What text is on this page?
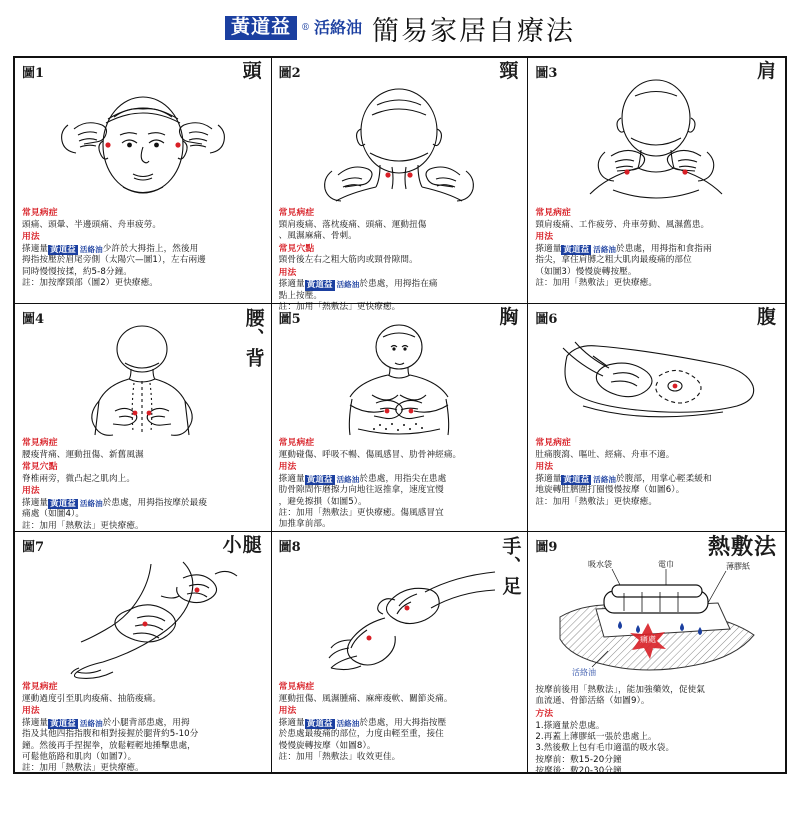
黃道益	® 活絡油 簡易家居自療法
圖1	頭
常見病症
頭痛、頭暈、半邊頭痛、舟車疲勞。
用法
搽適量 黃道益 活絡油 少許於大拇指上，然後用
拇指按壓於眉尾旁側（太陽穴—圖1），左右兩邊
同時慢慢按揉，約5-8分鐘。
註：加按摩頸部（圖2）更快療癒。
圖2	頸
常見病症
頸肩痠痛、落枕痠痛、頭痛、運動扭傷
、風濕麻痛、骨刺。
常見穴點
頸骨後左右之粗大筋肉或頸骨隙間。
用法
搽適量 黃道益 活絡油 於患處，用拇指在痛
點上按壓。
註：加用「熱敷法」更快療癒。
圖3	肩
常見病症
頸肩痠痛、工作疲勞、舟車勞動、風濕舊患。
用法
搽適量 黃道益 活絡油 於患處，用拇指和食指兩
指尖，拿住肩膊之粗大肌肉最痠痛的部位
（如圖3）慢慢旋轉按壓。
註：加用「熱敷法」更快療癒。
圖4	腰、背
常見病症
腰痠背痛、運動扭傷、新舊風濕
常見穴點
脊椎兩旁，微凸起之肌肉上。
用法
搽適量 黃道益 活絡油 於患處，用拇指按摩於最痠
痛處（如圖4）。
註：加用「熱敷法」更快療癒。
圖5	胸
常見病症
運動碰傷、呼吸不暢、傷風感冒、肋骨神經痛。
用法
搽適量 黃道益 活絡油 於患處，用指尖在患處
肋骨隙間作磨擦力向地往返推拿，速度宜慢
，避免擦損（如圖5）。
註：加用「熱敷法」更快療癒。傷風感冒宜
加推拿前部。
圖6	腹
常見病症
肚痛腹瀉、嘔吐、經痛、舟車不適。
用法
搽適量 黃道益 活絡油 於腹部，用掌心輕柔緩和
地旋轉肚臍圍打圈慢慢按摩（如圖6）。
註：加用「熱敷法」更快療癒。
圖7	小腿
常見病症
運動過度引至肌肉痠痛、抽筋痠痛。
用法
搽適量 黃道益 活絡油 於小腿背部患處，用拇
指及其他四指指腹和相對接握於腿背約5-10分
鐘。然後再手捏握拳，放鬆輕輕地捶擊患處，
可鬆他筋路和肌肉（如圖7）。
註：加用「熱敷法」更快療癒。
圖8	手、足
常見病症
運動扭傷、風濕腫痛、麻痺痠軟、關節炎痛。
用法
搽適量 黃道益 活絡油 於患處，用大拇指按壓
於患處最痠痛的部位，力度由輕至重，接住
慢慢旋轉按摩（如圖8）。
註：加用「熱敷法」收效更佳。
圖9	熱敷法
痛處
吸水袋	電巾	薄膠紙
活絡油
按摩前後用「熱敷法」，能加強藥效，促使氣
血流通、骨節活絡（如圖9）。
方法
1.搽適量於患處。
2.再蓋上薄膠紙一張於患處上。
3.然後敷上包有毛巾適溫的吸水袋。
按摩前：敷15-20分鐘
按摩後：敷20-30分鐘
